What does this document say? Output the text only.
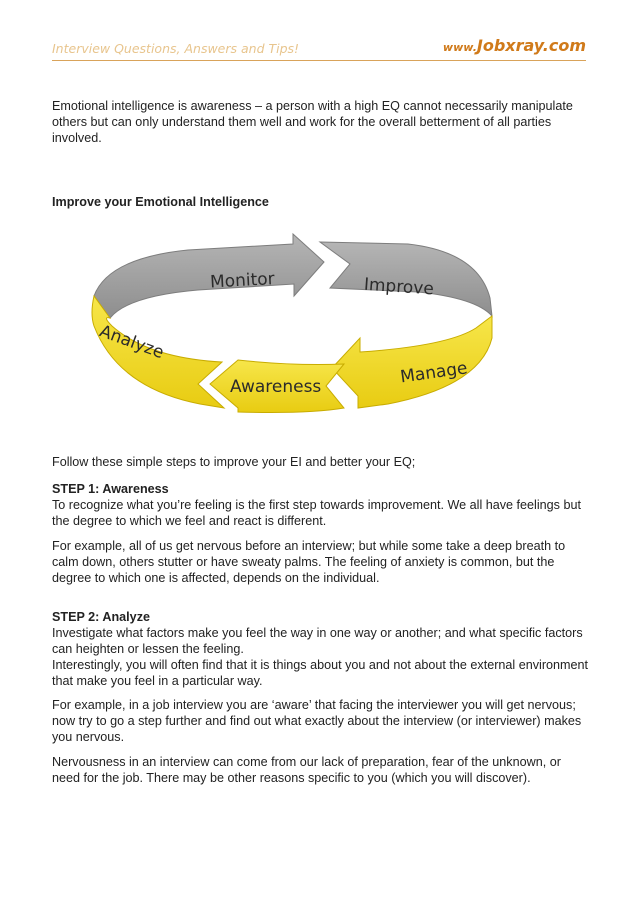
Interview Questions, Answers and Tips!	www.Jobxray.com
Emotional intelligence is awareness – a person with a high EQ cannot necessarily manipulate others but can only understand them well and work for the overall betterment of all parties involved.
Improve your Emotional Intelligence
Monitor	Improve
Analyze
Awareness	Manage
Follow these simple steps to improve your EI and better your EQ;
STEP 1: Awareness
To recognize what you’re feeling is the first step towards improvement. We all have feelings but the degree to which we feel and react is different.
For example, all of us get nervous before an interview; but while some take a deep breath to calm down, others stutter or have sweaty palms. The feeling of anxiety is common, but the degree to which one is affected, depends on the individual.
STEP 2: Analyze
Investigate what factors make you feel the way in one way or another; and what specific factors can heighten or lessen the feeling.
Interestingly, you will often find that it is things about you and not about the external environment that make you feel in a particular way.
For example, in a job interview you are ‘aware’ that facing the interviewer you will get nervous; now try to go a step further and find out what exactly about the interview (or interviewer) makes you nervous.
Nervousness in an interview can come from our lack of preparation, fear of the unknown, or need for the job. There may be other reasons specific to you (which you will discover).
